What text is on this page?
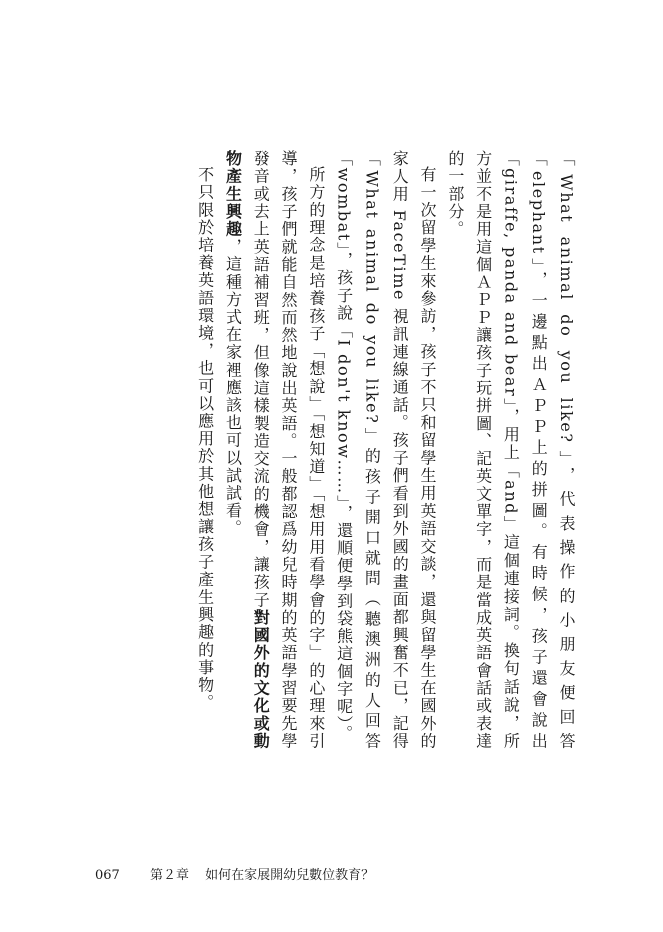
「What animal do you like?」，代表操作的小朋友便回答「elephant」，一邊點出ＡＰＰ上的拼圖。有時候，孩子還會說出「giraffe, panda and bear」，用上「and」這個連接詞。換句話說，所方並不是用這個ＡＰＰ讓孩子玩拼圖、記英文單字，而是當成英語會話或表達的一部分。

有一次留學生來參訪，孩子不只和留學生用英語交談，還與留學生在國外的家人用 FaceTime 視訊連線通話。孩子們看到外國的畫面都興奮不已，記得「What animal do you like?」的孩子開口就問（聽澳洲的人回答「wombat」，孩子說「I don't know……」，還順便學到袋熊這個字呢）。

所方的理念是培養孩子「想說」「想知道」「想用用看學會的字」的心理來引導，孩子們就能自然而然地說出英語。一般都認爲幼兒時期的英語學習要先學發音或去上英語補習班，但像這樣製造交流的機會，讓孩子對國外的文化或動物產生興趣，這種方式在家裡應該也可以試試看。

不只限於培養英語環境，也可以應用於其他想讓孩子產生興趣的事物。

067 第２章 如何在家展開幼兒數位教育？
